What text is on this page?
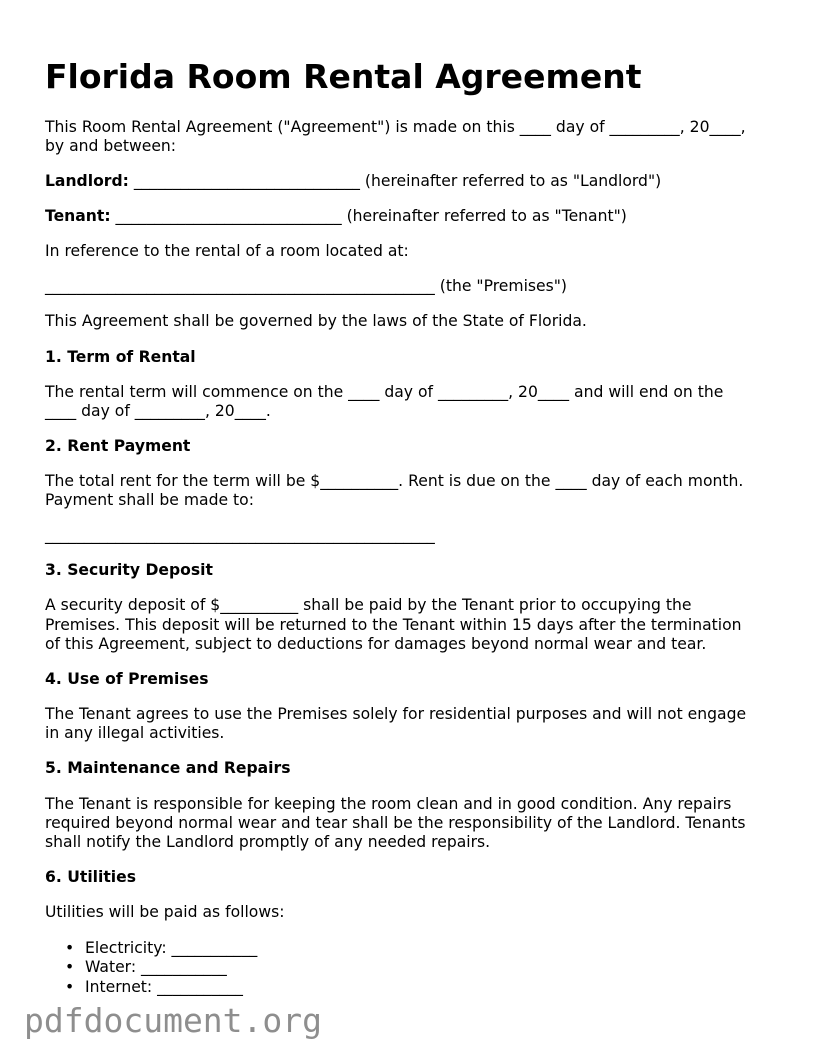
Florida Room Rental Agreement

This Room Rental Agreement ("Agreement") is made on this ____ day of _________, 20____,

by and between:

Landlord: _____________________________ (hereinafter referred to as "Landlord")

Tenant: _____________________________ (hereinafter referred to as "Tenant")

In reference to the rental of a room located at:

__________________________________________________ (the "Premises")

This Agreement shall be governed by the laws of the State of Florida.

1. Term of Rental

The rental term will commence on the ____ day of _________, 20____ and will end on the

____ day of _________, 20____.

2. Rent Payment

The total rent for the term will be $__________. Rent is due on the ____ day of each month.

Payment shall be made to:

__________________________________________________

3. Security Deposit

A security deposit of $__________ shall be paid by the Tenant prior to occupying the

Premises. This deposit will be returned to the Tenant within 15 days after the termination

of this Agreement, subject to deductions for damages beyond normal wear and tear.

4. Use of Premises

The Tenant agrees to use the Premises solely for residential purposes and will not engage

in any illegal activities.

5. Maintenance and Repairs

The Tenant is responsible for keeping the room clean and in good condition. Any repairs

required beyond normal wear and tear shall be the responsibility of the Landlord. Tenants

shall notify the Landlord promptly of any needed repairs.

6. Utilities

Utilities will be paid as follows:

• Electricity: ___________
• Water: ___________
• Internet: ___________
pdfdocument.org
